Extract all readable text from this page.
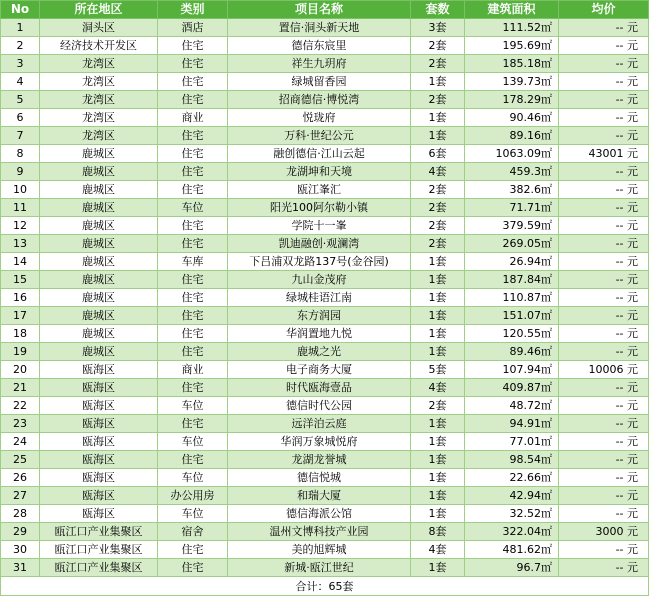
No	所在地区	类别	项目名称	套数	建筑面积	均价
1	洞头区	酒店	置信·洞头新天地	3套	111.52㎡	-- 元
2	经济技术开发区	住宅	德信东宸里	2套	195.69㎡	-- 元
3	龙湾区	住宅	祥生九玥府	2套	185.18㎡	-- 元
4	龙湾区	住宅	绿城留香园	1套	139.73㎡	-- 元
5	龙湾区	住宅	招商德信·博悦湾	2套	178.29㎡	-- 元
6	龙湾区	商业	悦珑府	1套	90.46㎡	-- 元
7	龙湾区	住宅	万科·世纪公元	1套	89.16㎡	-- 元
8	鹿城区	住宅	融创德信·江山云起	6套	1063.09㎡	43001 元
9	鹿城区	住宅	龙湖坤和天境	4套	459.3㎡	-- 元
10	鹿城区	住宅	瓯江峯汇	2套	382.6㎡	-- 元
11	鹿城区	车位	阳光100阿尔勒小镇	2套	71.71㎡	-- 元
12	鹿城区	住宅	学院十一峯	2套	379.59㎡	-- 元
13	鹿城区	住宅	凯迪融创·观澜湾	2套	269.05㎡	-- 元
14	鹿城区	车库	下吕浦双龙路137号(金谷园)	1套	26.94㎡	-- 元
15	鹿城区	住宅	九山金茂府	1套	187.84㎡	-- 元
16	鹿城区	住宅	绿城桂语江南	1套	110.87㎡	-- 元
17	鹿城区	住宅	东方润园	1套	151.07㎡	-- 元
18	鹿城区	住宅	华润置地九悦	1套	120.55㎡	-- 元
19	鹿城区	住宅	鹿城之光	1套	89.46㎡	-- 元
20	瓯海区	商业	电子商务大厦	5套	107.94㎡	10006 元
21	瓯海区	住宅	时代瓯海壹品	4套	409.87㎡	-- 元
22	瓯海区	车位	德信时代公园	2套	48.72㎡	-- 元
23	瓯海区	住宅	远洋泊云庭	1套	94.91㎡	-- 元
24	瓯海区	车位	华润万象城悦府	1套	77.01㎡	-- 元
25	瓯海区	住宅	龙湖龙誉城	1套	98.54㎡	-- 元
26	瓯海区	车位	德信悦城	1套	22.66㎡	-- 元
27	瓯海区	办公用房	和瑞大厦	1套	42.94㎡	-- 元
28	瓯海区	车位	德信海派公馆	1套	32.52㎡	-- 元
29	瓯江口产业集聚区	宿舍	温州文博科技产业园	8套	322.04㎡	3000 元
30	瓯江口产业集聚区	住宅	美的旭辉城	4套	481.62㎡	-- 元
31	瓯江口产业集聚区	住宅	新城·瓯江世纪	1套	96.7㎡	-- 元
合计：65套						
